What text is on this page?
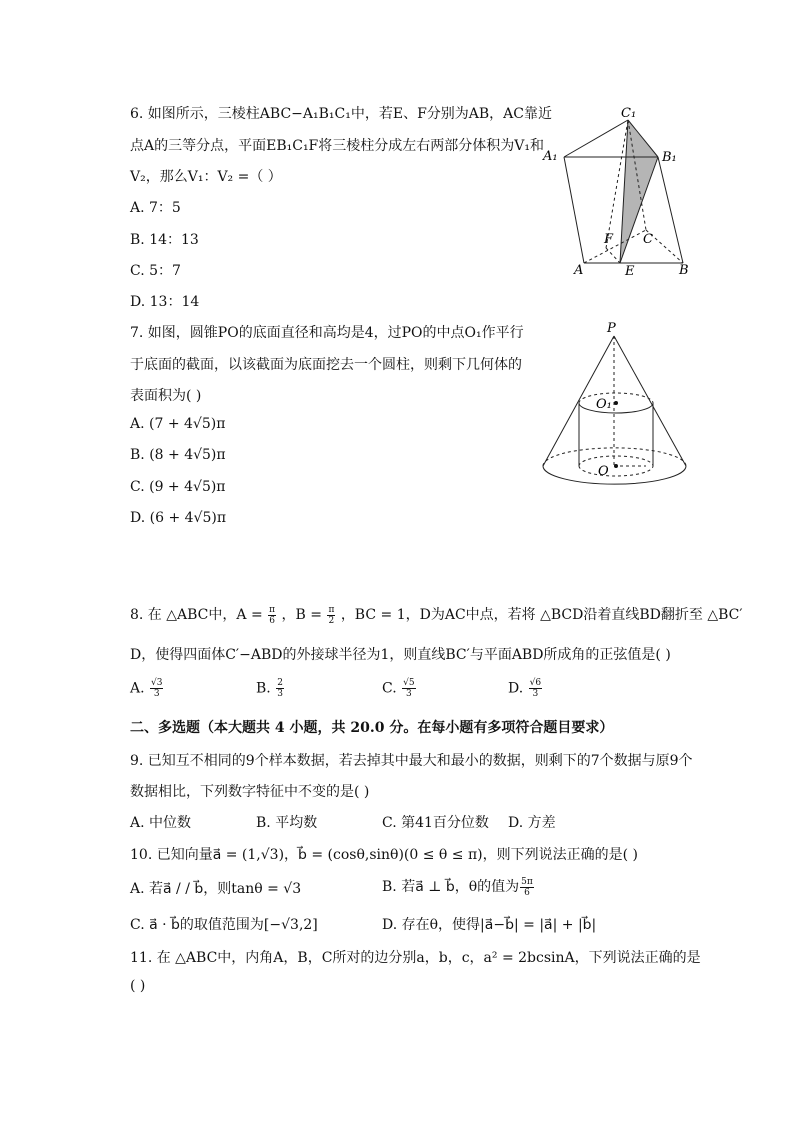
6. 如图所示，三棱柱ABC−A₁B₁C₁中，若E、F分别为AB，AC靠近
点A的三等分点，平面EB₁C₁F将三棱柱分成左右两部分体积为V₁和
V₂，那么V₁：V₂ =（ ）
A. 7：5
B. 14：13
C. 5：7
D. 13：14
C₁
A₁	B₁
F C
A	E	B
7. 如图，圆锥PO的底面直径和高均是4，过PO的中点O₁作平行
于底面的截面，以该截面为底面挖去一个圆柱，则剩下几何体的
表面积为( )
A. (7 + 4√5)π
B. (8 + 4√5)π
C. (9 + 4√5)π
D. (6 + 4√5)π
P
O₁
O
8. 在 △ABC中，$A = \frac{\pi}{6}$ ，$B = \frac{\pi}{2}$ ，BC = 1，D为AC中点，若将 △BCD沿着直线BD翻折至 △BC′
D，使得四面体C′−ABD的外接球半径为1，则直线BC′与平面ABD所成角的正弦值是( )
A. $\frac{√3}{3}$	B. $\frac{2}{3}$	C. $\frac{√5}{3}$	D. $\frac{√6}{3}$
二、多选题（本大题共 4 小题，共 20.0 分。在每小题有多项符合题目要求）
9. 已知互不相同的9个样本数据，若去掉其中最大和最小的数据，则剩下的7个数据与原9个
数据相比，下列数字特征中不变的是( )
A. 中位数	B. 平均数	C. 第41百分位数 D. 方差
10. 已知向量a⃗ = (1,√3)，b⃗ = (cosθ,sinθ)(0 ≤ θ ≤ π)，则下列说法正确的是( )
A. 若a⃗ / / b⃗，则tanθ = √3	B. 若a⃗ ⊥ b⃗，θ的值为 $\frac{5\pi}{6}$
C. a⃗ · b⃗的取值范围为[−√3,2]	D. 存在θ，使得|a⃗−b⃗| = |a⃗| + |b⃗|
11. 在 △ABC中，内角A，B，C所对的边分别a，b，c，a² = 2bcsinA，下列说法正确的是
( )
